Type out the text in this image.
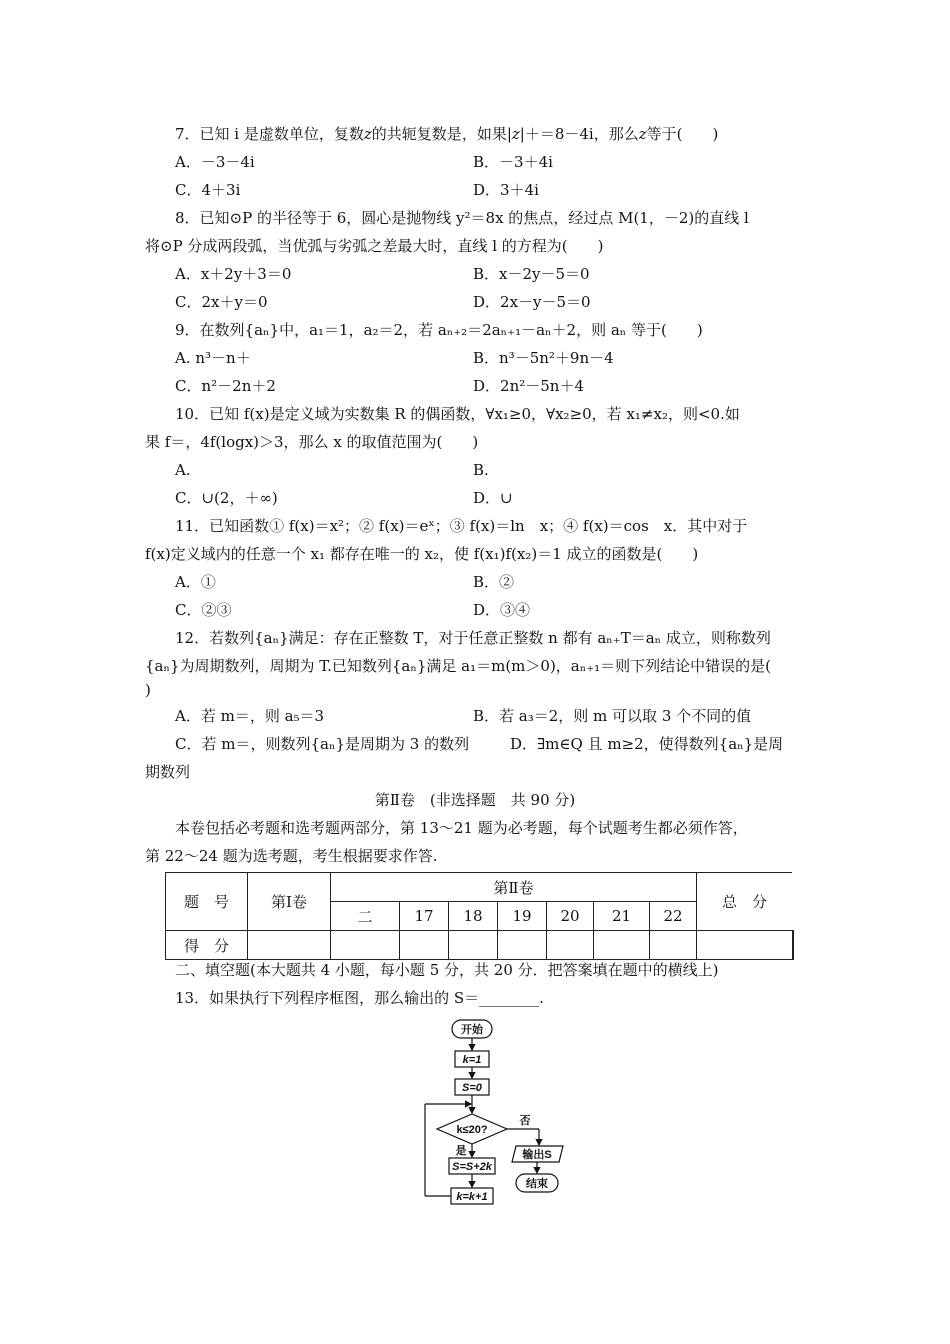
7．已知 i 是虚数单位，复数z的共轭复数是，如果|z|＋＝8－4i，那么z等于(　　)
A．－3－4i	B．－3＋4i
C．4＋3i	D．3＋4i
8．已知⊙P 的半径等于 6，圆心是抛物线 y²＝8x 的焦点，经过点 M(1，－2)的直线 l
将⊙P 分成两段弧，当优弧与劣弧之差最大时，直线 l 的方程为(　　)
A．x＋2y＋3＝0	B．x－2y－5＝0
C．2x＋y＝0	D．2x－y－5＝0
9．在数列{aₙ}中，a₁＝1，a₂＝2，若 aₙ₊₂＝2aₙ₊₁－aₙ＋2，则 aₙ 等于(　　)
A. n³－n＋	B．n³－5n²＋9n－4
C．n²－2n＋2	D．2n²－5n＋4
10．已知 f(x)是定义域为实数集 R 的偶函数，∀x₁≥0，∀x₂≥0，若 x₁≠x₂，则<0.如
果 f＝，4f(logx)＞3，那么 x 的取值范围为(　　)
A.	B.
C．∪(2，＋∞)	D．∪
11．已知函数① f(x)＝x²；② f(x)＝eˣ；③ f(x)＝ln　x；④ f(x)＝cos　x．其中对于
f(x)定义域内的任意一个 x₁ 都存在唯一的 x₂，使 f(x₁)f(x₂)＝1 成立的函数是(　　)
A．①	B．②
C．②③	D．③④
12．若数列{aₙ}满足：存在正整数 T，对于任意正整数 n 都有 aₙ₊T＝aₙ 成立，则称数列
{aₙ}为周期数列，周期为 T.已知数列{aₙ}满足 a₁＝m(m＞0)，aₙ₊₁＝则下列结论中错误的是(
)
A．若 m＝，则 a₅＝3	B．若 a₃＝2，则 m 可以取 3 个不同的值
C．若 m＝，则数列{aₙ}是周期为 3 的数列	D．∃m∈Q 且 m≥2，使得数列{aₙ}是周
期数列
第Ⅱ卷　(非选择题　共 90 分)
本卷包括必考题和选考题两部分，第 13～21 题为必考题，每个试题考生都必须作答，
第 22～24 题为选考题，考生根据要求作答.
题　号	第Ⅰ卷	第Ⅱ卷							总　分	
		二	17	18	19	20	21	22		
得　分										
二、填空题(本大题共 4 小题，每小题 5 分，共 20 分．把答案填在题中的横线上)
13．如果执行下列程序框图，那么输出的 S＝________.
开始
k=1
S=0
k≤20?
否
是	输出S
S=S+2k
k=k+1
结束
